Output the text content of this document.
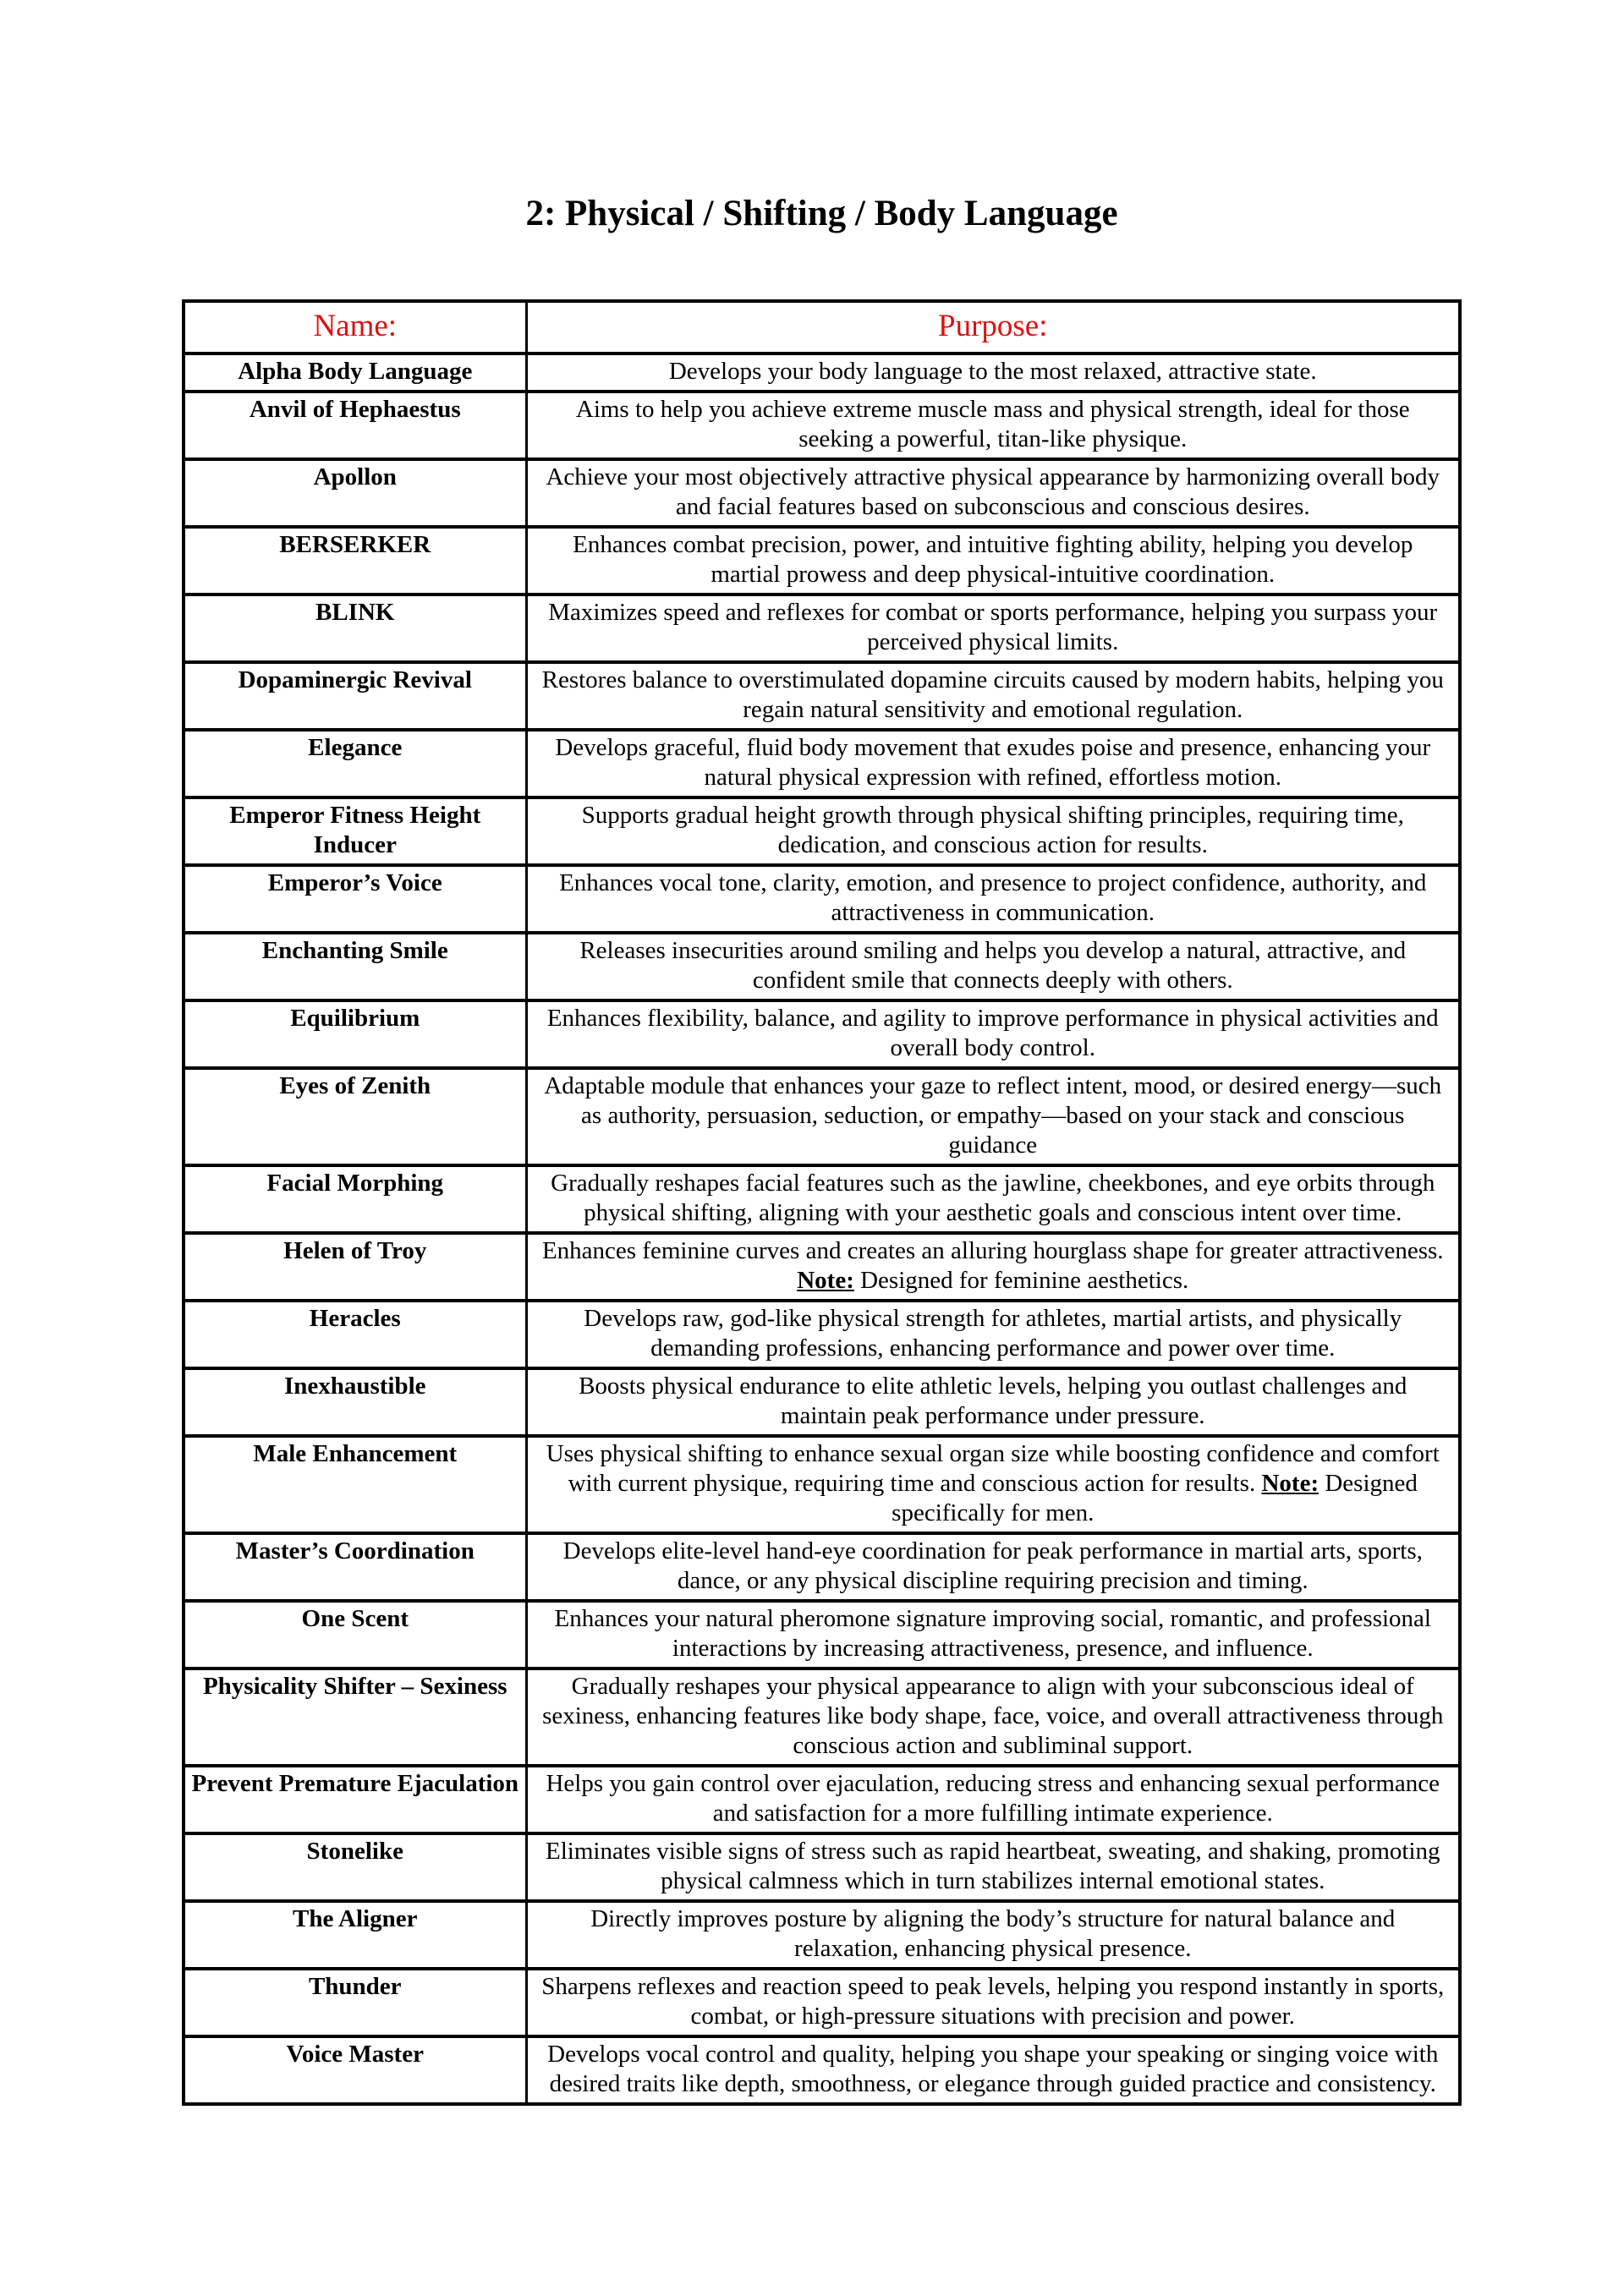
2: Physical / Shifting / Body Language
Name:	Purpose:
Alpha Body Language	Develops your body language to the most relaxed, attractive state.
Anvil of Hephaestus	Aims to help you achieve extreme muscle mass and physical strength, ideal for those seeking a powerful, titan-like physique.
Apollon	Achieve your most objectively attractive physical appearance by harmonizing overall body and facial features based on subconscious and conscious desires.
BERSERKER	Enhances combat precision, power, and intuitive fighting ability, helping you develop martial prowess and deep physical-intuitive coordination.
BLINK	Maximizes speed and reflexes for combat or sports performance, helping you surpass your perceived physical limits.
Dopaminergic Revival	Restores balance to overstimulated dopamine circuits caused by modern habits, helping you regain natural sensitivity and emotional regulation.
Elegance	Develops graceful, fluid body movement that exudes poise and presence, enhancing your natural physical expression with refined, effortless motion.
Emperor Fitness Height Inducer	Supports gradual height growth through physical shifting principles, requiring time, dedication, and conscious action for results.
Emperor’s Voice	Enhances vocal tone, clarity, emotion, and presence to project confidence, authority, and attractiveness in communication.
Enchanting Smile	Releases insecurities around smiling and helps you develop a natural, attractive, and confident smile that connects deeply with others.
Equilibrium	Enhances flexibility, balance, and agility to improve performance in physical activities and overall body control.
Eyes of Zenith	Adaptable module that enhances your gaze to reflect intent, mood, or desired energy—such as authority, persuasion, seduction, or empathy—based on your stack and conscious guidance
Facial Morphing	Gradually reshapes facial features such as the jawline, cheekbones, and eye orbits through physical shifting, aligning with your aesthetic goals and conscious intent over time.
Helen of Troy	Enhances feminine curves and creates an alluring hourglass shape for greater attractiveness. Note: Designed for feminine aesthetics.
Heracles	Develops raw, god-like physical strength for athletes, martial artists, and physically demanding professions, enhancing performance and power over time.
Inexhaustible	Boosts physical endurance to elite athletic levels, helping you outlast challenges and maintain peak performance under pressure.
Male Enhancement	Uses physical shifting to enhance sexual organ size while boosting confidence and comfort with current physique, requiring time and conscious action for results. Note: Designed specifically for men.
Master’s Coordination	Develops elite-level hand-eye coordination for peak performance in martial arts, sports, dance, or any physical discipline requiring precision and timing.
One Scent	Enhances your natural pheromone signature improving social, romantic, and professional interactions by increasing attractiveness, presence, and influence.
Physicality Shifter – Sexiness	Gradually reshapes your physical appearance to align with your subconscious ideal of sexiness, enhancing features like body shape, face, voice, and overall attractiveness through conscious action and subliminal support.
Prevent Premature Ejaculation	Helps you gain control over ejaculation, reducing stress and enhancing sexual performance and satisfaction for a more fulfilling intimate experience.
Stonelike	Eliminates visible signs of stress such as rapid heartbeat, sweating, and shaking, promoting physical calmness which in turn stabilizes internal emotional states.
The Aligner	Directly improves posture by aligning the body’s structure for natural balance and relaxation, enhancing physical presence.
Thunder	Sharpens reflexes and reaction speed to peak levels, helping you respond instantly in sports, combat, or high-pressure situations with precision and power.
Voice Master	Develops vocal control and quality, helping you shape your speaking or singing voice with desired traits like depth, smoothness, or elegance through guided practice and consistency.
